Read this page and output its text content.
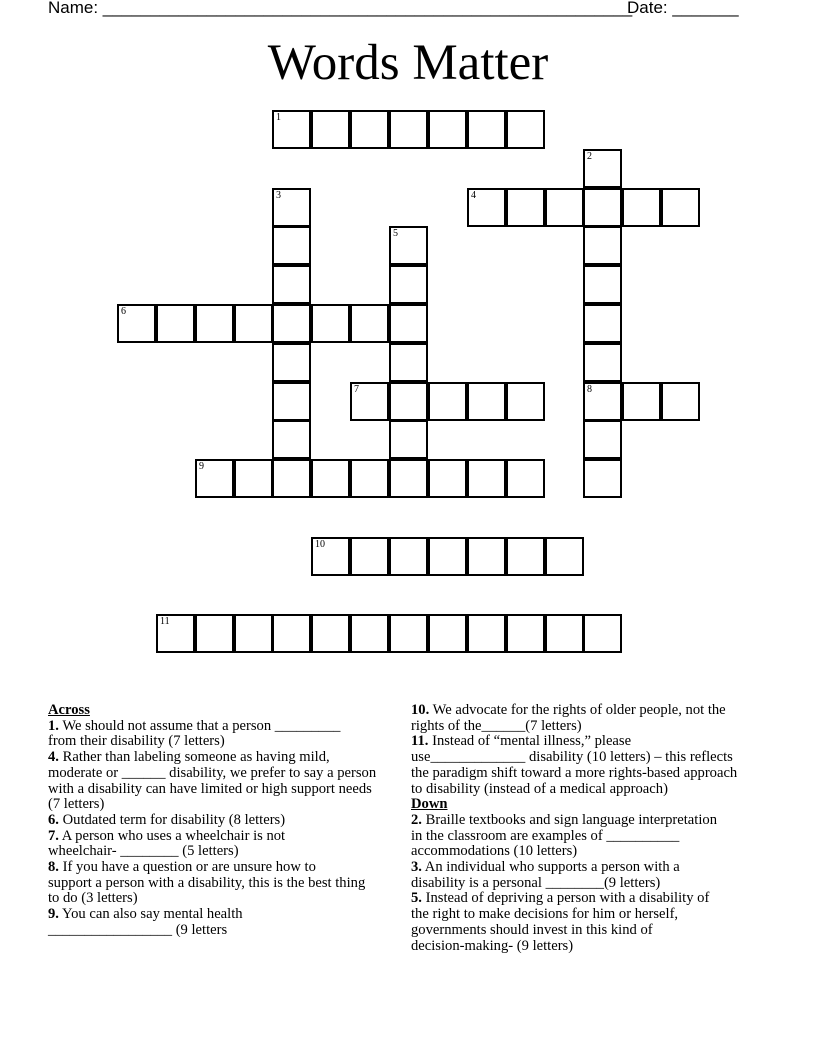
Name: ________________________________________________________
Date: _______
Words Matter
1
2
8
3	4
5
6
7
9
10
11

Across

1. We should not assume that a person _________
from their disability (7 letters)

4. Rather than labeling someone as having mild,
moderate or ______ disability, we prefer to say a person
with a disability can have limited or high support needs
(7 letters)

6. Outdated term for disability (8 letters)

7. A person who uses a wheelchair is not
wheelchair- ________ (5 letters)

8. If you have a question or are unsure how to
support a person with a disability, this is the best thing
to do (3 letters)

9. You can also say mental health
_________________ (9 letters

10. We advocate for the rights of older people, not the
rights of the______(7 letters)

11. Instead of “mental illness,” please
use_____________ disability (10 letters) – this reflects
the paradigm shift toward a more rights-based approach
to disability (instead of a medical approach)

Down

2. Braille textbooks and sign language interpretation
in the classroom are examples of __________
accommodations (10 letters)

3. An individual who supports a person with a
disability is a personal ________(9 letters)

5. Instead of depriving a person with a disability of
the right to make decisions for him or herself,
governments should invest in this kind of
decision-making- (9 letters)
